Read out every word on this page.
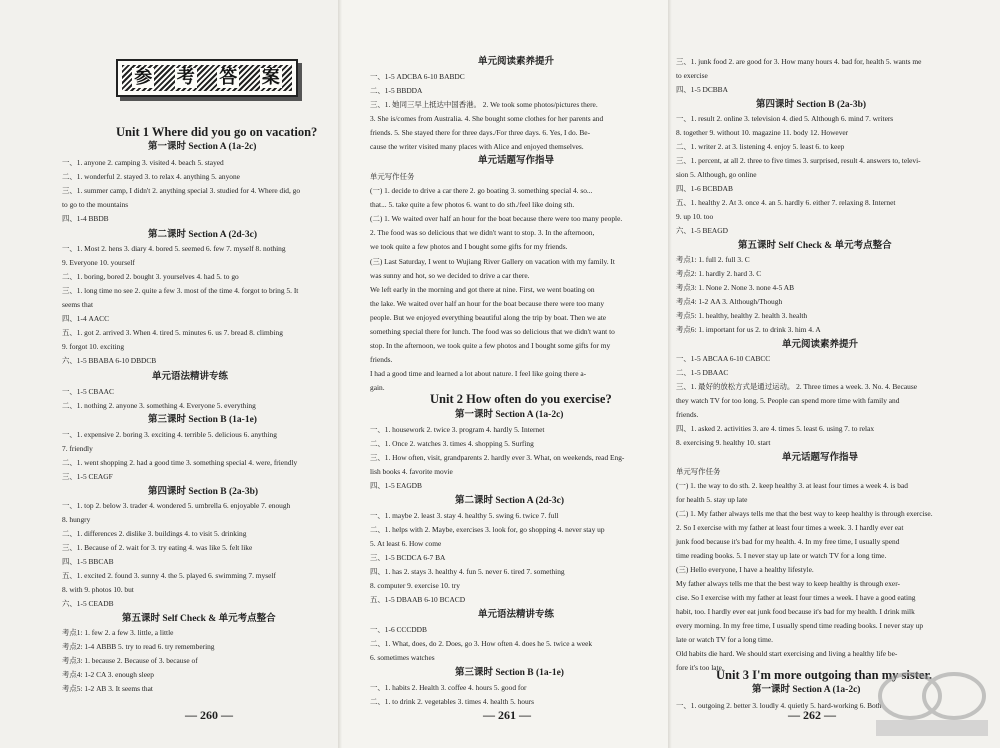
参 考 答 案
Unit 1 Where did you go on vacation?
第一课时 Section A (1a-2c)
一、1. anyone 2. camping 3. visited 4. beach 5. stayed
二、1. wonderful 2. stayed 3. to relax 4. anything 5. anyone
三、1. summer camp, I didn't 2. anything special 3. studied for 4. Where did, go
to go to the mountains
四、1-4 BBDB
第二课时 Section A (2d-3c)
一、1. Most 2. hens 3. diary 4. bored 5. seemed 6. few 7. myself 8. nothing
9. Everyone 10. yourself
二、1. boring, bored 2. bought 3. yourselves 4. had 5. to go
三、1. long time no see 2. quite a few 3. most of the time 4. forgot to bring 5. It
seems that
四、1-4 AACC
五、1. got 2. arrived 3. When 4. tired 5. minutes 6. us 7. bread 8. climbing
9. forgot 10. exciting
六、1-5 BBABA 6-10 DBDCB
单元语法精讲专练
一、1-5 CBAAC
二、1. nothing 2. anyone 3. something 4. Everyone 5. everything
第三课时 Section B (1a-1e)
一、1. expensive 2. boring 3. exciting 4. terrible 5. delicious 6. anything
7. friendly
二、1. went shopping 2. had a good time 3. something special 4. were, friendly
三、1-5 CEAGF
第四课时 Section B (2a-3b)
一、1. top 2. below 3. trader 4. wondered 5. umbrella 6. enjoyable 7. enough
8. hungry
二、1. differences 2. dislike 3. buildings 4. to visit 5. drinking
三、1. Because of 2. wait for 3. try eating 4. was like 5. felt like
四、1-5 BBCAB
五、1. excited 2. found 3. sunny 4. the 5. played 6. swimming 7. myself
8. with 9. photos 10. but
六、1-5 CEADB
第五课时 Self Check & 单元考点整合
考点1: 1. few 2. a few 3. little, a little
考点2: 1-4 ABBB 5. try to read 6. try remembering
考点3: 1. because 2. Because of 3. because of
考点4: 1-2 CA 3. enough sleep
考点5: 1-2 AB 3. It seems that
单元阅读素养提升
一、1-5 ADCBA 6-10 BABDC
二、1-5 BBDDA
三、1. 她同三早上抵达中国香港。 2. We took some photos/pictures there.
3. She is/comes from Australia. 4. She bought some clothes for her parents and
friends. 5. She stayed there for three days./For three days. 6. Yes, I do. Be-
cause the writer visited many places with Alice and enjoyed themselves.
单元话题写作指导
单元写作任务
(一) 1. decide to drive a car there 2. go boating 3. something special 4. so...
that... 5. take quite a few photos 6. want to do sth./feel like doing sth.
(二) 1. We waited over half an hour for the boat because there were too many people.
2. The food was so delicious that we didn't want to stop. 3. In the afternoon,
we took quite a few photos and I bought some gifts for my friends.
(三) Last Saturday, I went to Wujiang River Gallery on vacation with my family. It
was sunny and hot, so we decided to drive a car there.
We left early in the morning and got there at nine. First, we went boating on
the lake. We waited over half an hour for the boat because there were too many
people. But we enjoyed everything beautiful along the trip by boat. Then we ate
something special there for lunch. The food was so delicious that we didn't want to
stop. In the afternoon, we took quite a few photos and I bought some gifts for my
friends.
I had a good time and learned a lot about nature. I feel like going there a-
gain.
Unit 2 How often do you exercise?
第一课时 Section A (1a-2c)
一、1. housework 2. twice 3. program 4. hardly 5. Internet
二、1. Once 2. watches 3. times 4. shopping 5. Surfing
三、1. How often, visit, grandparents 2. hardly ever 3. What, on weekends, read Eng-
lish books 4. favorite movie
四、1-5 EAGDB
第二课时 Section A (2d-3c)
一、1. maybe 2. least 3. stay 4. healthy 5. swing 6. twice 7. full
二、1. helps with 2. Maybe, exercises 3. look for, go shopping 4. never stay up
5. At least 6. How come
三、1-5 BCDCA 6-7 BA
四、1. has 2. stays 3. healthy 4. fun 5. never 6. tired 7. something
8. computer 9. exercise 10. try
五、1-5 DBAAB 6-10 BCACD
单元语法精讲专练
一、1-6 CCCDDB
二、1. What, does, do 2. Does, go 3. How often 4. does he 5. twice a week
6. sometimes watches
第三课时 Section B (1a-1e)
一、1. habits 2. Health 3. coffee 4. hours 5. good for
二、1. to drink 2. vegetables 3. times 4. health 5. hours
三、1. junk food 2. are good for 3. How many hours 4. bad for, health 5. wants me
to exercise
四、1-5 DCBBA
第四课时 Section B (2a-3b)
一、1. result 2. online 3. television 4. died 5. Although 6. mind 7. writers
8. together 9. without 10. magazine 11. body 12. However
二、1. writer 2. at 3. listening 4. enjoy 5. least 6. to keep
三、1. percent, at all 2. three to five times 3. surprised, result 4. answers to, televi-
sion 5. Although, go online
四、1-6 BCBDAB
五、1. healthy 2. At 3. once 4. an 5. hardly 6. either 7. relaxing 8. Internet
9. up 10. too
六、1-5 BEAGD
第五课时 Self Check & 单元考点整合
考点1: 1. full 2. full 3. C
考点2: 1. hardly 2. hard 3. C
考点3: 1. None 2. None 3. none 4-5 AB
考点4: 1-2 AA 3. Although/Though
考点5: 1. healthy, healthy 2. health 3. health
考点6: 1. important for us 2. to drink 3. him 4. A
单元阅读素养提升
一、1-5 ABCAA 6-10 CABCC
二、1-5 DBAAC
三、1. 最好的放松方式是通过运动。 2. Three times a week. 3. No. 4. Because
they watch TV for too long. 5. People can spend more time with family and
friends.
四、1. asked 2. activities 3. are 4. times 5. least 6. using 7. to relax
8. exercising 9. healthy 10. start
单元话题写作指导
单元写作任务
(一) 1. the way to do sth. 2. keep healthy 3. at least four times a week 4. is bad
for health 5. stay up late
(二) 1. My father always tells me that the best way to keep healthy is through exercise.
2. So I exercise with my father at least four times a week. 3. I hardly ever eat
junk food because it's bad for my health. 4. In my free time, I usually spend
time reading books. 5. I never stay up late or watch TV for a long time.
(三) Hello everyone, I have a healthy lifestyle.
My father always tells me that the best way to keep healthy is through exer-
cise. So I exercise with my father at least four times a week. I have a good eating
habit, too. I hardly ever eat junk food because it's bad for my health. I drink milk
every morning. In my free time, I usually spend time reading books. I never stay up
late or watch TV for a long time.
Old habits die hard. We should start exercising and living a healthy life be-
fore it's too late.
Unit 3 I'm more outgoing than my sister.
第一课时 Section A (1a-2c)
一、1. outgoing 2. better 3. loudly 4. quietly 5. hard-working 6. Both
— 260 —	— 261 —	— 262 —
